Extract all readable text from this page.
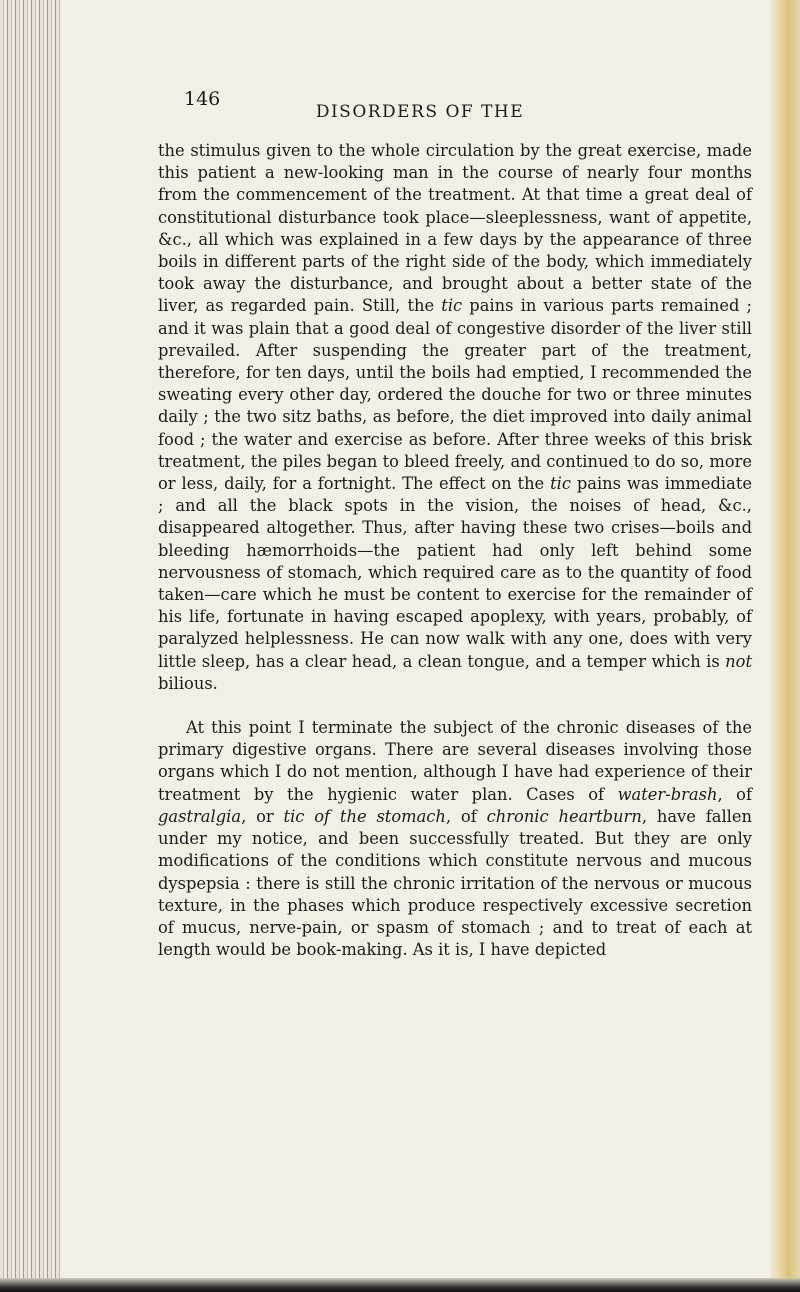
146

DISORDERS OF THE

the stimulus given to the whole circulation by the great exercise, made this patient a new-looking man in the course of nearly four months from the commencement of the treatment. At that time a great deal of constitutional disturbance took place—sleeplessness, want of appetite, &c., all which was explained in a few days by the appearance of three boils in different parts of the right side of the body, which immediately took away the disturbance, and brought about a better state of the liver, as regarded pain. Still, the tic pains in various parts remained ; and it was plain that a good deal of congestive disorder of the liver still prevailed. After suspending the greater part of the treatment, therefore, for ten days, until the boils had emptied, I recommended the sweating every other day, ordered the douche for two or three minutes daily ; the two sitz baths, as before, the diet improved into daily animal food ; the water and exercise as before. After three weeks of this brisk treatment, the piles began to bleed freely, and continued to do so, more or less, daily, for a fortnight. The effect on the tic pains was immediate ; and all the black spots in the vision, the noises of head, &c., disappeared altogether. Thus, after having these two crises—boils and bleeding hæmorrhoids—the patient had only left behind some nervousness of stomach, which required care as to the quantity of food taken—care which he must be content to exercise for the remainder of his life, fortunate in having escaped apoplexy, with years, probably, of paralyzed helplessness. He can now walk with any one, does with very little sleep, has a clear head, a clean tongue, and a temper which is not bilious.

At this point I terminate the subject of the chronic diseases of the primary digestive organs. There are several diseases involving those organs which I do not mention, although I have had experience of their treatment by the hygienic water plan. Cases of water-brash, of gastralgia, or tic of the stomach, of chronic heartburn, have fallen under my notice, and been successfully treated. But they are only modifications of the conditions which constitute nervous and mucous dyspepsia : there is still the chronic irritation of the nervous or mucous texture, in the phases which produce respectively excessive secretion of mucus, nerve-pain, or spasm of stomach ; and to treat of each at length would be book-making. As it is, I have depicted
